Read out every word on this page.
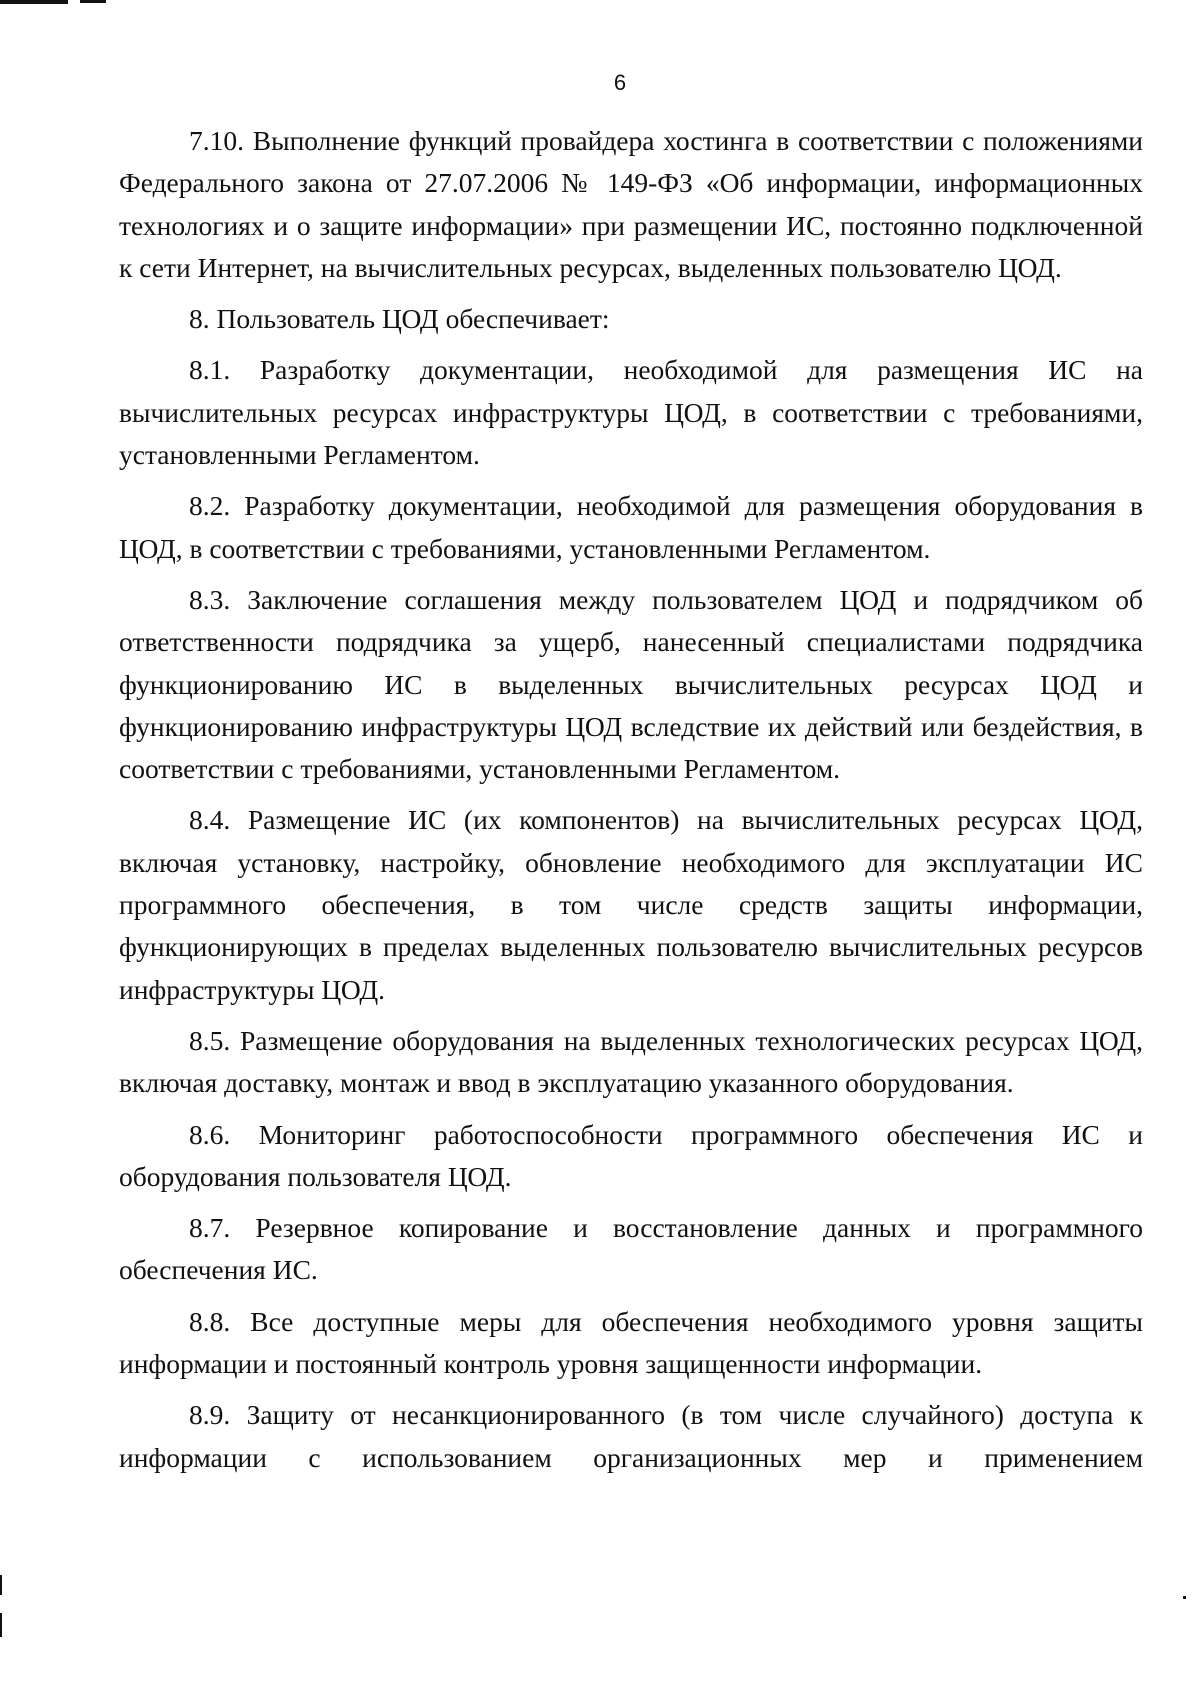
6

7.10. Выполнение функций провайдера хостинга в соответствии с положениями Федерального закона от 27.07.2006 № 149-ФЗ «Об информации, информационных технологиях и о защите информации» при размещении ИС, постоянно подключенной к сети Интернет, на вычислительных ресурсах, выделенных пользователю ЦОД.

8. Пользователь ЦОД обеспечивает:

8.1. Разработку документации, необходимой для размещения ИС на вычислительных ресурсах инфраструктуры ЦОД, в соответствии с требованиями, установленными Регламентом.

8.2. Разработку документации, необходимой для размещения оборудования в ЦОД, в соответствии с требованиями, установленными Регламентом.

8.3. Заключение соглашения между пользователем ЦОД и подрядчиком об ответственности подрядчика за ущерб, нанесенный специалистами подрядчика функционированию ИС в выделенных вычислительных ресурсах ЦОД и функционированию инфраструктуры ЦОД вследствие их действий или бездействия, в соответствии с требованиями, установленными Регламентом.

8.4. Размещение ИС (их компонентов) на вычислительных ресурсах ЦОД, включая установку, настройку, обновление необходимого для эксплуатации ИС программного обеспечения, в том числе средств защиты информации, функционирующих в пределах выделенных пользователю вычислительных ресурсов инфраструктуры ЦОД.

8.5. Размещение оборудования на выделенных технологических ресурсах ЦОД, включая доставку, монтаж и ввод в эксплуатацию указанного оборудования.

8.6. Мониторинг работоспособности программного обеспечения ИС и оборудования пользователя ЦОД.

8.7. Резервное копирование и восстановление данных и программного обеспечения ИС.

8.8. Все доступные меры для обеспечения необходимого уровня защиты информации и постоянный контроль уровня защищенности информации.

8.9. Защиту от несанкционированного (в том числе случайного) доступа к информации с использованием организационных мер и применением
